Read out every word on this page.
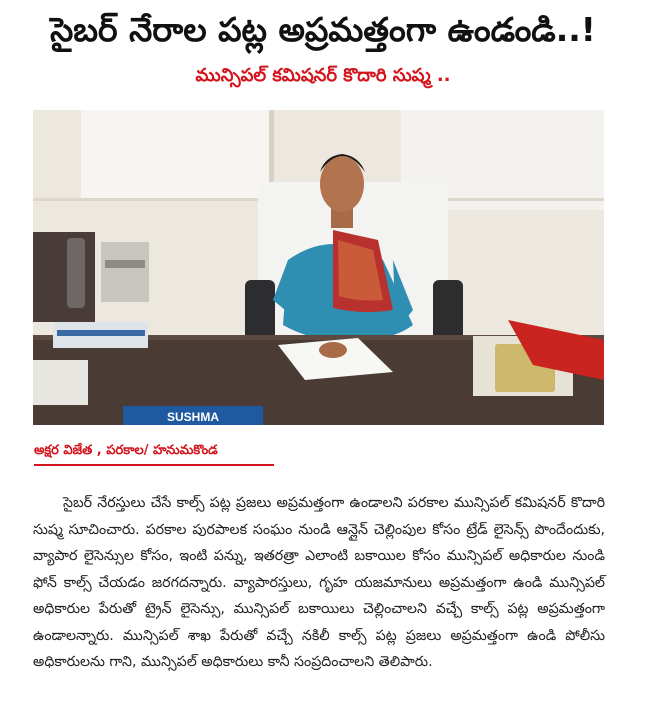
సైబర్ నేరాల పట్ల అప్రమత్తంగా ఉండండి..!
మున్సిపల్ కమిషనర్ కొదారి సుష్మ ..
SUSHMA
అక్షర విజేత , పరకాల/ హనుమకొండ

సైబర్ నేరస్తులు చేసే కాల్స్ పట్ల ప్రజలు అప్రమత్తంగా ఉండాలని పరకాల మున్సిపల్ కమిషనర్ కొదారి సుష్మ సూచించారు. పరకాల పురపాలక సంఘం నుండి ఆన్లైన్ చెల్లింపుల కోసం ట్రేడ్ లైసెన్స్ పొందేందుకు, వ్యాపార లైసెన్సుల కోసం, ఇంటి పన్ను, ఇతరత్రా ఎలాంటి బకాయిల కోసం మున్సిపల్ అధికారుల నుండి ఫోన్ కాల్స్ చేయడం జరగదన్నారు. వ్యాపారస్తులు, గృహ యజమానులు అప్రమత్తంగా ఉండి మున్సిపల్ అధికారుల పేరుతో ట్రైన్ లైసెన్సు, మున్సిపల్ బకాయిలు చెల్లించాలని వచ్చే కాల్స్ పట్ల అప్రమత్తంగా ఉండాలన్నారు. మున్సిపల్ శాఖ పేరుతో వచ్చే నకిలీ కాల్స్ పట్ల ప్రజలు అప్రమత్తంగా ఉండి పోలీసు అధికారులను గాని, మున్సిపల్ అధికారులు కానీ సంప్రదించాలని తెలిపారు.
